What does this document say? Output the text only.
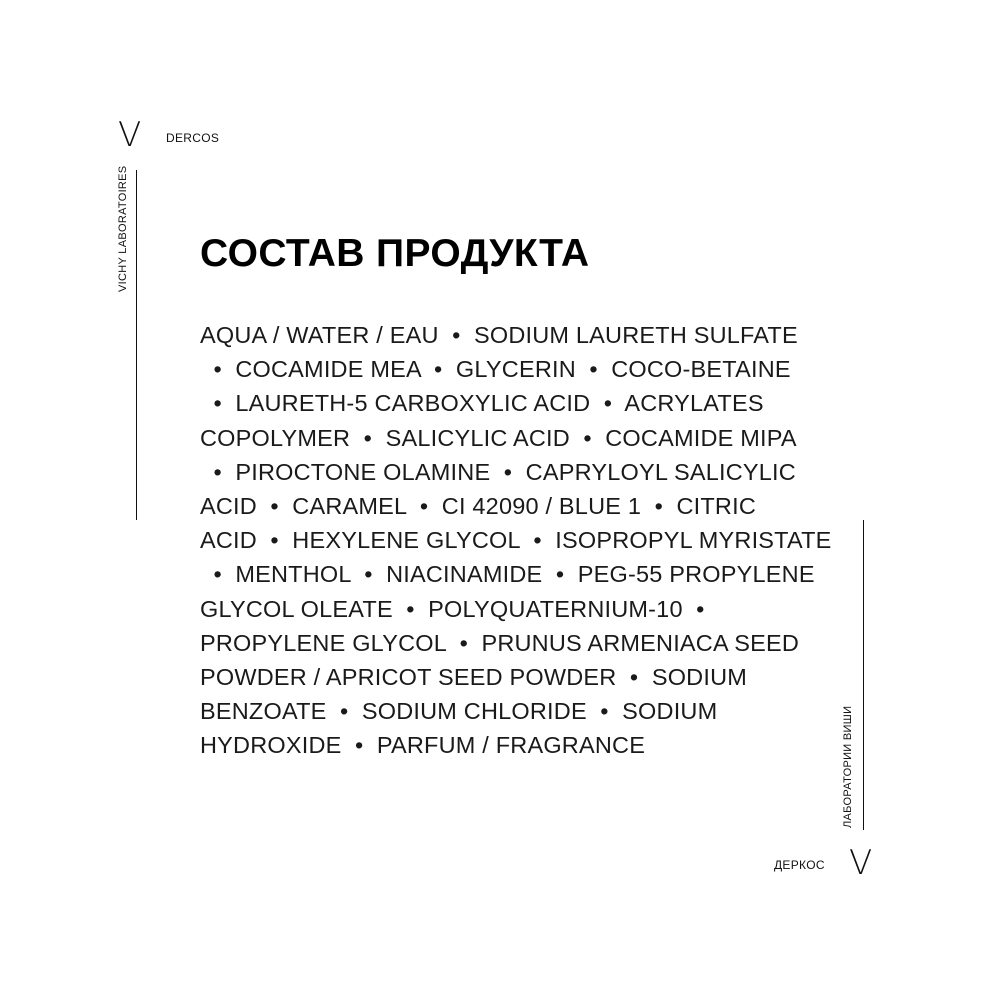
V DERCOS
VICHY LABORATOIRES СОСТАВ ПРОДУКТА
AQUA / WATER / EAU  •  SODIUM LAURETH SULFATE
•  COCAMIDE MEA  •  GLYCERIN  •  COCO-BETAINE
•  LAURETH-5 CARBOXYLIC ACID  •  ACRYLATES
COPOLYMER  •  SALICYLIC ACID  •  COCAMIDE MIPA
•  PIROCTONE OLAMINE  •  CAPRYLOYL SALICYLIC
ACID  •  CARAMEL  •  CI 42090 / BLUE 1  •  CITRIC
ACID  •  HEXYLENE GLYCOL  •  ISOPROPYL MYRISTATE
•  MENTHOL  •  NIACINAMIDE  •  PEG-55 PROPYLENE
GLYCOL OLEATE  •  POLYQUATERNIUM-10  •
PROPYLENE GLYCOL  •  PRUNUS ARMENIACA SEED
POWDER / APRICOT SEED POWDER  •  SODIUM
BENZOATE  •  SODIUM CHLORIDE  •  SODIUM
HYDROXIDE  •  PARFUM / FRAGRANCE	ЛАБОРАТОРИИ ВИШИ
ДЕРКОС V
